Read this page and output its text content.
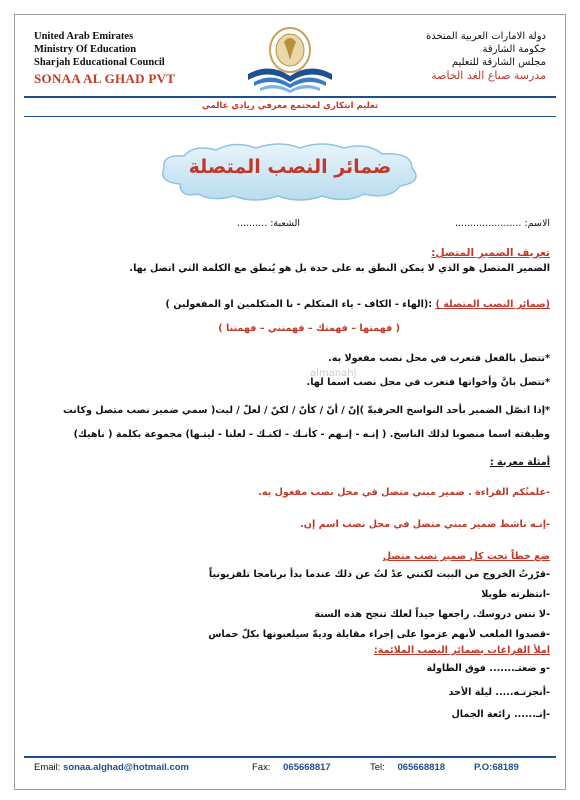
United Arab Emirates
Ministry Of Education
Sharjah Educational Council
SONAA AL GHAD PVT
دولة الامارات العربية المتحدة
حكومة الشارقة
مجلس الشارقة للتعليم
مدرسة صناع الغد الخاصة
تعليم ابتكاري لمجتمع معرفي ريادي عالمي
ضمائر النصب المتصلة
الاسم: ......................
الشعبة: ..........
تعريف الضمير المتصل:
الضمير المتصل هو الذي لا يمكن النطق به على حدة بل هو يُنطق مع الكلمة التي اتصل بها.
(ضمائر النصب المتصلة ) :(الهاء - الكاف - ياء المتكلم - نا المتكلمين او المفعولين )
( فهمتها – فهمتك – فهمتني – فهمتنا )
*تتصل بالفعل فتعرب في محل نصب مفعولا به.
*تتصل بانَّ وأخواتها فتعرب في محل نصب اسما لها.
*إذا اتصّل الضمير بأحد النواسخ الحرفيةّ )إنّ / أنّ / كأنّ / لكنّ / لعلّ / ليت( سمي ضمير نصب متصل وكانت
وظيفته اسما منصوبا لذلك الناسخ. ( إنـه - إنـهم - كأنـك - لكنـك - لعلنا - ليتـها) مجموعة بكلمة ( ناهيك)
أمثلة معربة :
-علمتُكم القراءة . ضمير مبني متصل في محل نصب مفعول به.
-إنـه ناشط ضمير مبني متصل في محل نصب اسم إن.
ضع خطاً تحت كل ضمير نصب متصل
-قرّرتُ الخروج من البيت لكنني عدْ لتُ عن ذلك عندما بدأ برنامجا تلفزيونياً
-انتظرته طويلا
-لا تنس دروسك. راجعها جيداً لعلك تنجح هذه السنة
-قصدوا الملعب لأنهم عزموا على إجراء مقابلة وديةّ سيلعبونها بكلّ حماس
املأ الفراغات بضمائر النصب الملائمة:
-و ضعتـ....... فوق الطاولة
-أنجزتـه..... ليلة الأحد
-إنـ...... رائعة الجمال
almanahj
Email: sonaa.alghad@hotmail.com	Fax: 065668817	Tel: 065668818	P.O:68189
